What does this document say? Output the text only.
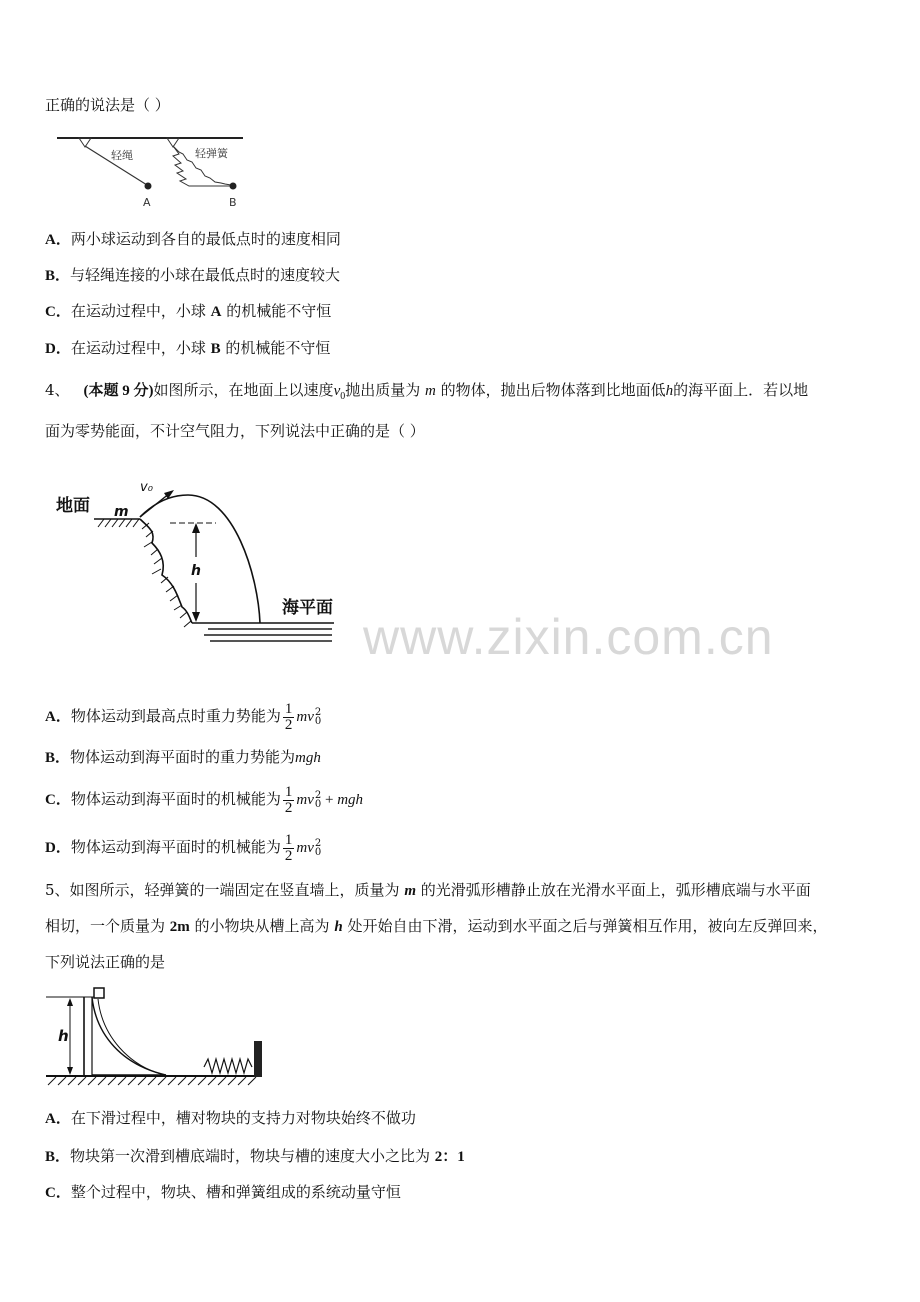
正确的说法是（ ）
轻绳	轻弹簧
A	B
A．两小球运动到各自的最低点时的速度相同
B．与轻绳连接的小球在最低点时的速度较大
C．在运动过程中，小球 A 的机械能不守恒
D．在运动过程中，小球 B 的机械能不守恒
4、 (本题 9 分)如图所示，在地面上以速度$v_0$抛出质量为 m 的物体，抛出后物体落到比地面低h的海平面上．若以地
面为零势能面，不计空气阻力，下列说法中正确的是（ ）
地面 m
v₀
h
海平面
A．物体运动到最高点时重力势能为 $\frac{1}{2}$ mv 2
0
B．物体运动到海平面时的重力势能为mgh
C．物体运动到海平面时的机械能为 $\frac{1}{2}$ mv 2
0 + mgh
D．物体运动到海平面时的机械能为 $\frac{1}{2}$ mv 2
0
5、如图所示，轻弹簧的一端固定在竖直墙上，质量为 m 的光滑弧形槽静止放在光滑水平面上，弧形槽底端与水平面
相切，一个质量为 2m 的小物块从槽上高为 h 处开始自由下滑，运动到水平面之后与弹簧相互作用，被向左反弹回来，
下列说法正确的是
h
A．在下滑过程中，槽对物块的支持力对物块始终不做功
B．物块第一次滑到槽底端时，物块与槽的速度大小之比为 2：1
C．整个过程中，物块、槽和弹簧组成的系统动量守恒
www.zixin.com.cn
